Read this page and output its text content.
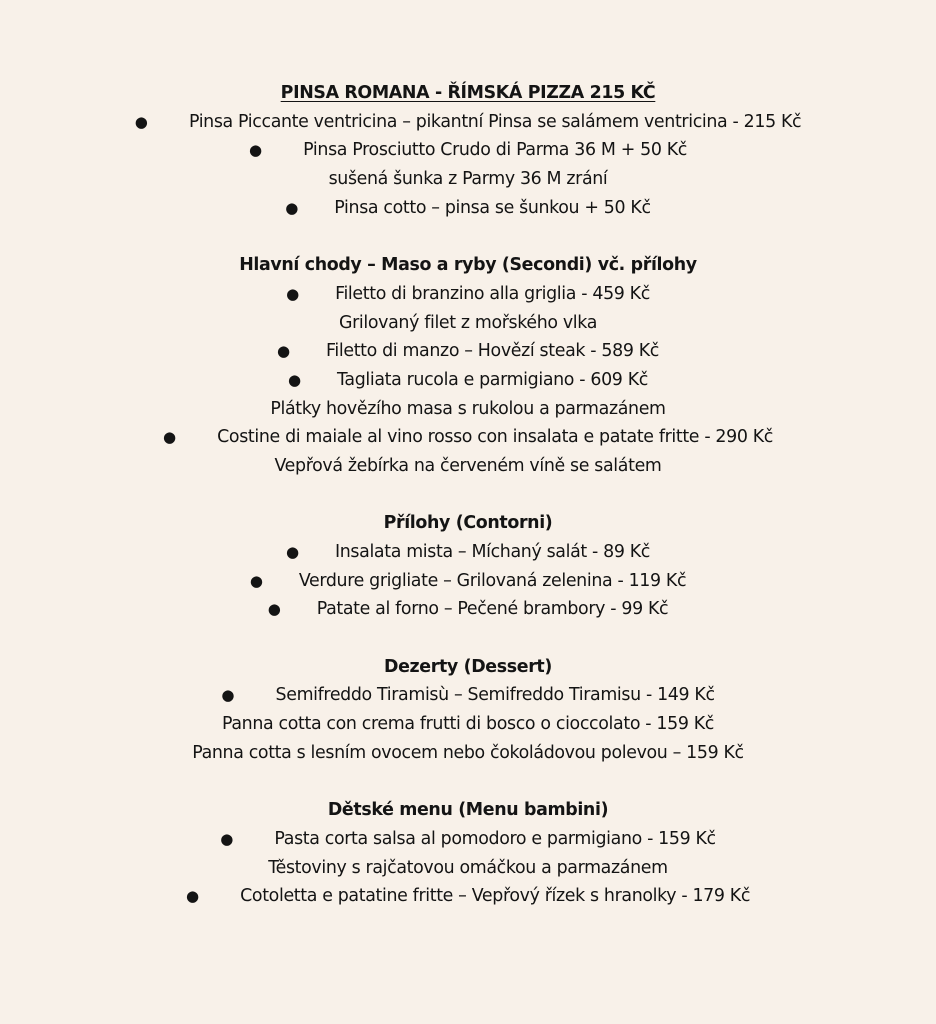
PINSA ROMANA - ŘÍMSKÁ PIZZA 215 KČ
● Pinsa Piccante ventricina – pikantní Pinsa se salámem ventricina - 215 Kč
● Pinsa Prosciutto Crudo di Parma 36 M + 50 Kč
sušená šunka z Parmy 36 M zrání
● Pinsa cotto – pinsa se šunkou + 50 Kč
Hlavní chody – Maso a ryby (Secondi) vč. přílohy
● Filetto di branzino alla griglia - 459 Kč
Grilovaný filet z mořského vlka
● Filetto di manzo – Hovězí steak - 589 Kč
● Tagliata rucola e parmigiano - 609 Kč
Plátky hovězího masa s rukolou a parmazánem
● Costine di maiale al vino rosso con insalata e patate fritte - 290 Kč
Vepřová žebírka na červeném víně se salátem
Přílohy (Contorni)
● Insalata mista – Míchaný salát - 89 Kč
● Verdure grigliate – Grilovaná zelenina - 119 Kč
● Patate al forno – Pečené brambory - 99 Kč
Dezerty (Dessert)
● Semifreddo Tiramisù – Semifreddo Tiramisu - 149 Kč
Panna cotta con crema frutti di bosco o cioccolato - 159 Kč
Panna cotta s lesním ovocem nebo čokoládovou polevou – 159 Kč
Dětské menu (Menu bambini)
● Pasta corta salsa al pomodoro e parmigiano - 159 Kč
Těstoviny s rajčatovou omáčkou a parmazánem
● Cotoletta e patatine fritte – Vepřový řízek s hranolky - 179 Kč
